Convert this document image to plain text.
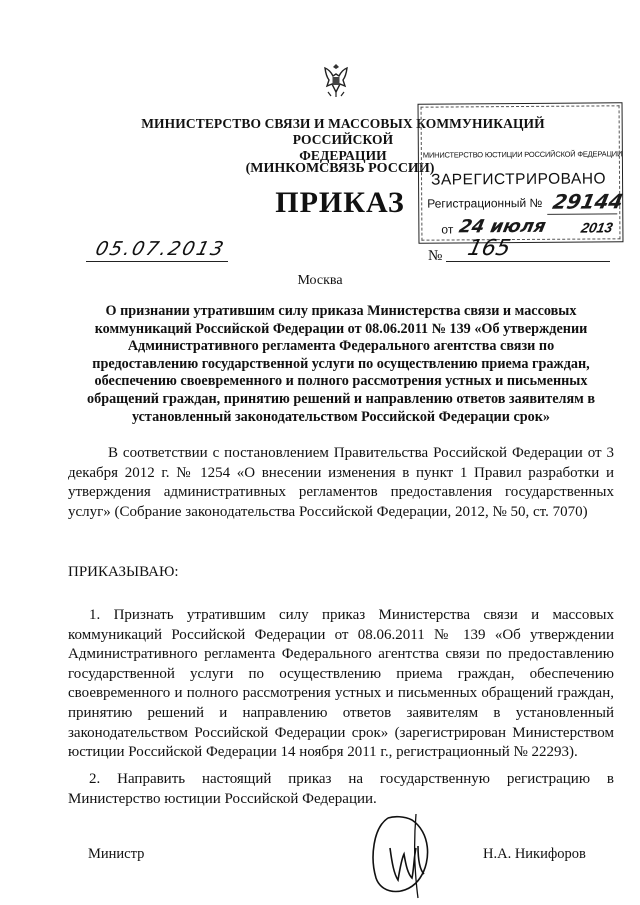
МИНИСТЕРСТВО СВЯЗИ И МАССОВЫХ КОММУНИКАЦИЙ РОССИЙСКОЙ
ФЕДЕРАЦИИ
(МИНКОМСВЯЗЬ РОССИИ)
ПРИКАЗ
МИНИСТЕРСТВО ЮСТИЦИИ РОССИЙСКОЙ ФЕДЕРАЦИИ
ЗАРЕГИСТРИРОВАНО
Регистрационный № 29144
от 24 июля 2013
05.07.2013	№ 165
Москва
О признании утратившим силу приказа Министерства связи и массовых
коммуникаций Российской Федерации от 08.06.2011 № 139 «Об утверждении
Административного регламента Федерального агентства связи по
предоставлению государственной услуги по осуществлению приема граждан,
обеспечению своевременного и полного рассмотрения устных и письменных
обращений граждан, принятию решений и направлению ответов заявителям в
установленный законодательством Российской Федерации срок»
В соответствии с постановлением Правительства Российской Федерации от 3 декабря 2012 г. № 1254 «О внесении изменения в пункт 1 Правил разработки и утверждения административных регламентов предоставления государственных услуг» (Собрание законодательства Российской Федерации, 2012, № 50, ст. 7070)
ПРИКАЗЫВАЮ:
1. Признать утратившим силу приказ Министерства связи и массовых коммуникаций Российской Федерации от 08.06.2011 № 139 «Об утверждении Административного регламента Федерального агентства связи по предоставлению государственной услуги по осуществлению приема граждан, обеспечению своевременного и полного рассмотрения устных и письменных обращений граждан, принятию решений и направлению ответов заявителям в установленный законодательством Российской Федерации срок» (зарегистрирован Министерством юстиции Российской Федерации 14 ноября 2011 г., регистрационный № 22293).
2. Направить настоящий приказ на государственную регистрацию в Министерство юстиции Российской Федерации.
Министр	Н.А. Никифоров
